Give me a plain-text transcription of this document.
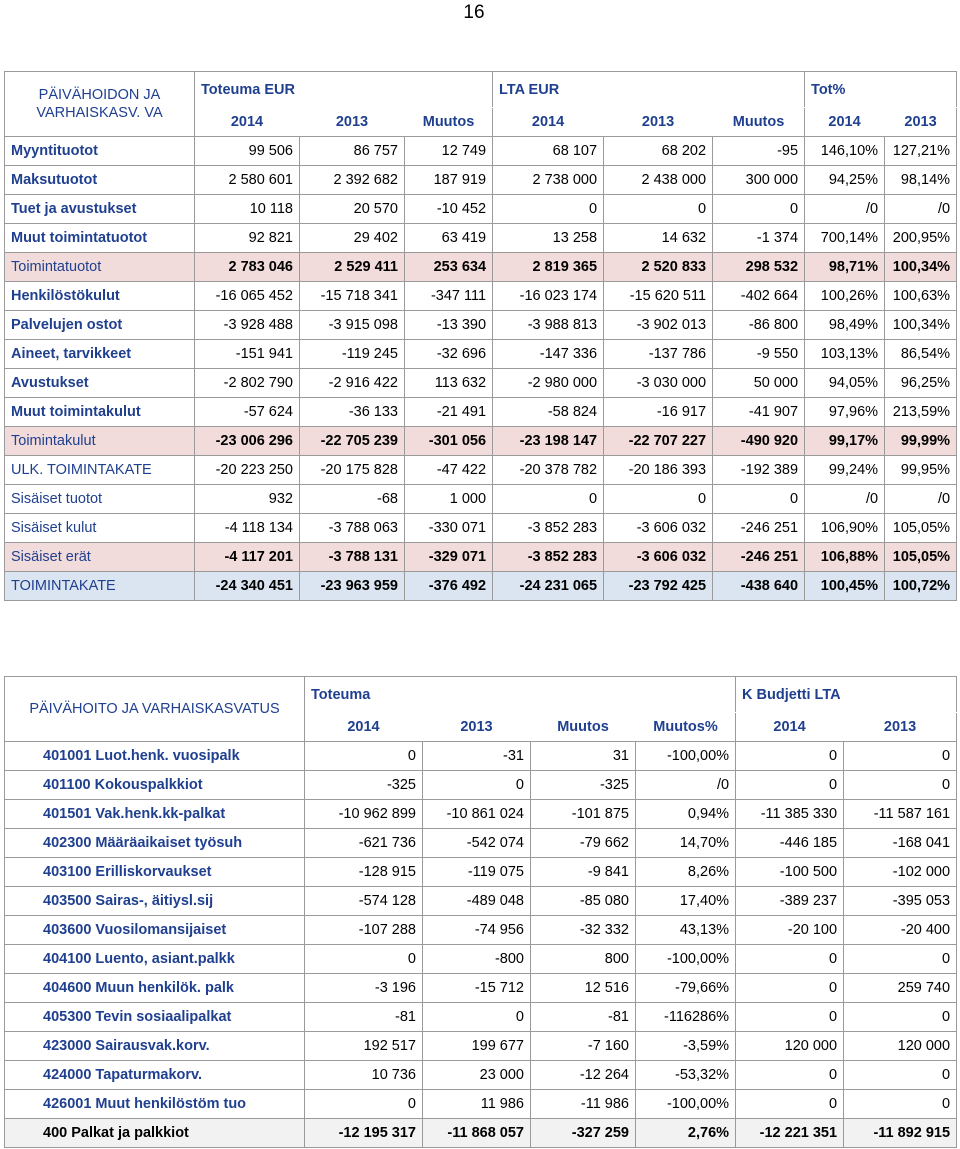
16
PÄIVÄHOIDON JA VARHAISKASV. VA	Toteuma EUR			LTA EUR			Tot%	
	2014	2013	Muutos	2014	2013	Muutos	2014	2013
Myyntituotot	99 506	86 757	12 749	68 107	68 202	-95	146,10%	127,21%
Maksutuotot	2 580 601	2 392 682	187 919	2 738 000	2 438 000	300 000	94,25%	98,14%
Tuet ja avustukset	10 118	20 570	-10 452	0	0	0	/0	/0
Muut toimintatuotot	92 821	29 402	63 419	13 258	14 632	-1 374	700,14%	200,95%
Toimintatuotot	2 783 046	2 529 411	253 634	2 819 365	2 520 833	298 532	98,71%	100,34%
Henkilöstökulut	-16 065 452	-15 718 341	-347 111	-16 023 174	-15 620 511	-402 664	100,26%	100,63%
Palvelujen ostot	-3 928 488	-3 915 098	-13 390	-3 988 813	-3 902 013	-86 800	98,49%	100,34%
Aineet, tarvikkeet	-151 941	-119 245	-32 696	-147 336	-137 786	-9 550	103,13%	86,54%
Avustukset	-2 802 790	-2 916 422	113 632	-2 980 000	-3 030 000	50 000	94,05%	96,25%
Muut toimintakulut	-57 624	-36 133	-21 491	-58 824	-16 917	-41 907	97,96%	213,59%
Toimintakulut	-23 006 296	-22 705 239	-301 056	-23 198 147	-22 707 227	-490 920	99,17%	99,99%
ULK. TOIMINTAKATE	-20 223 250	-20 175 828	-47 422	-20 378 782	-20 186 393	-192 389	99,24%	99,95%
Sisäiset tuotot	932	-68	1 000	0	0	0	/0	/0
Sisäiset kulut	-4 118 134	-3 788 063	-330 071	-3 852 283	-3 606 032	-246 251	106,90%	105,05%
Sisäiset erät	-4 117 201	-3 788 131	-329 071	-3 852 283	-3 606 032	-246 251	106,88%	105,05%
TOIMINTAKATE	-24 340 451	-23 963 959	-376 492	-24 231 065	-23 792 425	-438 640	100,45%	100,72%
PÄIVÄHOITO JA VARHAISKASVATUS	Toteuma				K Budjetti LTA	
	2014	2013	Muutos	Muutos%	2014	2013
401001 Luot.henk. vuosipalk	0	-31	31	-100,00%	0	0
401100 Kokouspalkkiot	-325	0	-325	/0	0	0
401501 Vak.henk.kk-palkat	-10 962 899	-10 861 024	-101 875	0,94%	-11 385 330	-11 587 161
402300 Määräaikaiset työsuh	-621 736	-542 074	-79 662	14,70%	-446 185	-168 041
403100 Erilliskorvaukset	-128 915	-119 075	-9 841	8,26%	-100 500	-102 000
403500 Sairas-, äitiysl.sij	-574 128	-489 048	-85 080	17,40%	-389 237	-395 053
403600 Vuosilomansijaiset	-107 288	-74 956	-32 332	43,13%	-20 100	-20 400
404100 Luento, asiant.palkk	0	-800	800	-100,00%	0	0
404600 Muun henkilök. palk	-3 196	-15 712	12 516	-79,66%	0	259 740
405300 Tevin sosiaalipalkat	-81	0	-81	-116286%	0	0
423000 Sairausvak.korv.	192 517	199 677	-7 160	-3,59%	120 000	120 000
424000 Tapaturmakorv.	10 736	23 000	-12 264	-53,32%	0	0
426001 Muut henkilöstöm tuo	0	11 986	-11 986	-100,00%	0	0
400 Palkat ja palkkiot	-12 195 317	-11 868 057	-327 259	2,76%	-12 221 351	-11 892 915
